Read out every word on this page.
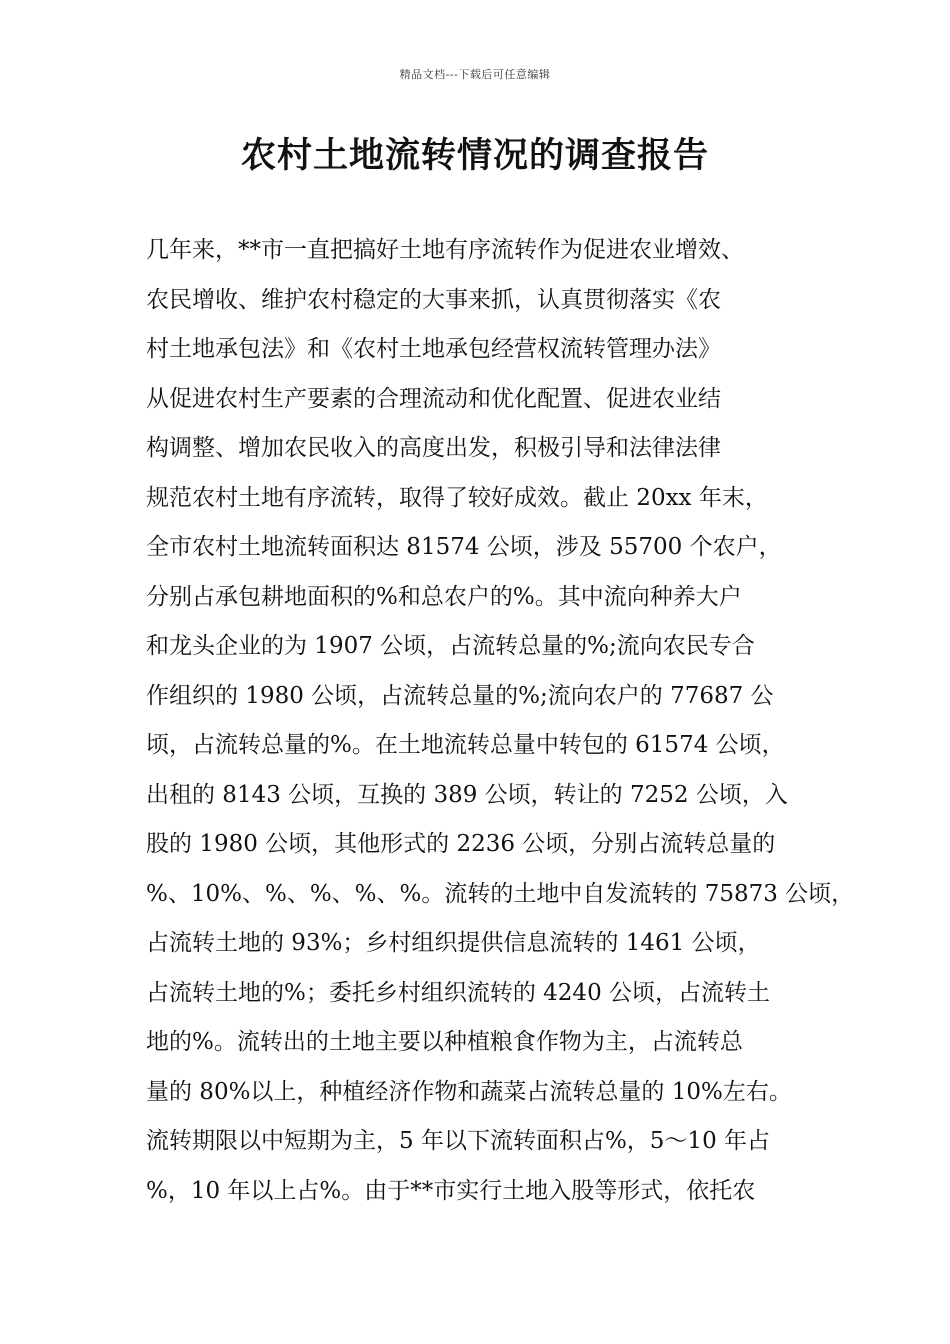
精品文档---下载后可任意编辑
农村土地流转情况的调查报告
几年来，**市一直把搞好土地有序流转作为促进农业增效、
农民增收、维护农村稳定的大事来抓，认真贯彻落实《农
村土地承包法》和《农村土地承包经营权流转管理办法》
从促进农村生产要素的合理流动和优化配置、促进农业结
构调整、增加农民收入的高度出发，积极引导和法律法律
规范农村土地有序流转，取得了较好成效。截止 20xx 年末，
全市农村土地流转面积达 81574 公顷，涉及 55700 个农户，
分别占承包耕地面积的%和总农户的%。其中流向种养大户
和龙头企业的为 1907 公顷，占流转总量的%;流向农民专合
作组织的 1980 公顷，占流转总量的%;流向农户的 77687 公
顷，占流转总量的%。在土地流转总量中转包的 61574 公顷，
出租的 8143 公顷，互换的 389 公顷，转让的 7252 公顷，入
股的 1980 公顷，其他形式的 2236 公顷，分别占流转总量的
%、10%、%、%、%、%。流转的土地中自发流转的 75873 公顷，
占流转土地的 93%；乡村组织提供信息流转的 1461 公顷，
占流转土地的%；委托乡村组织流转的 4240 公顷，占流转土
地的%。流转出的土地主要以种植粮食作物为主，占流转总
量的 80%以上，种植经济作物和蔬菜占流转总量的 10%左右。
流转期限以中短期为主，5 年以下流转面积占%，5～10 年占
%，10 年以上占%。由于**市实行土地入股等形式，依托农
